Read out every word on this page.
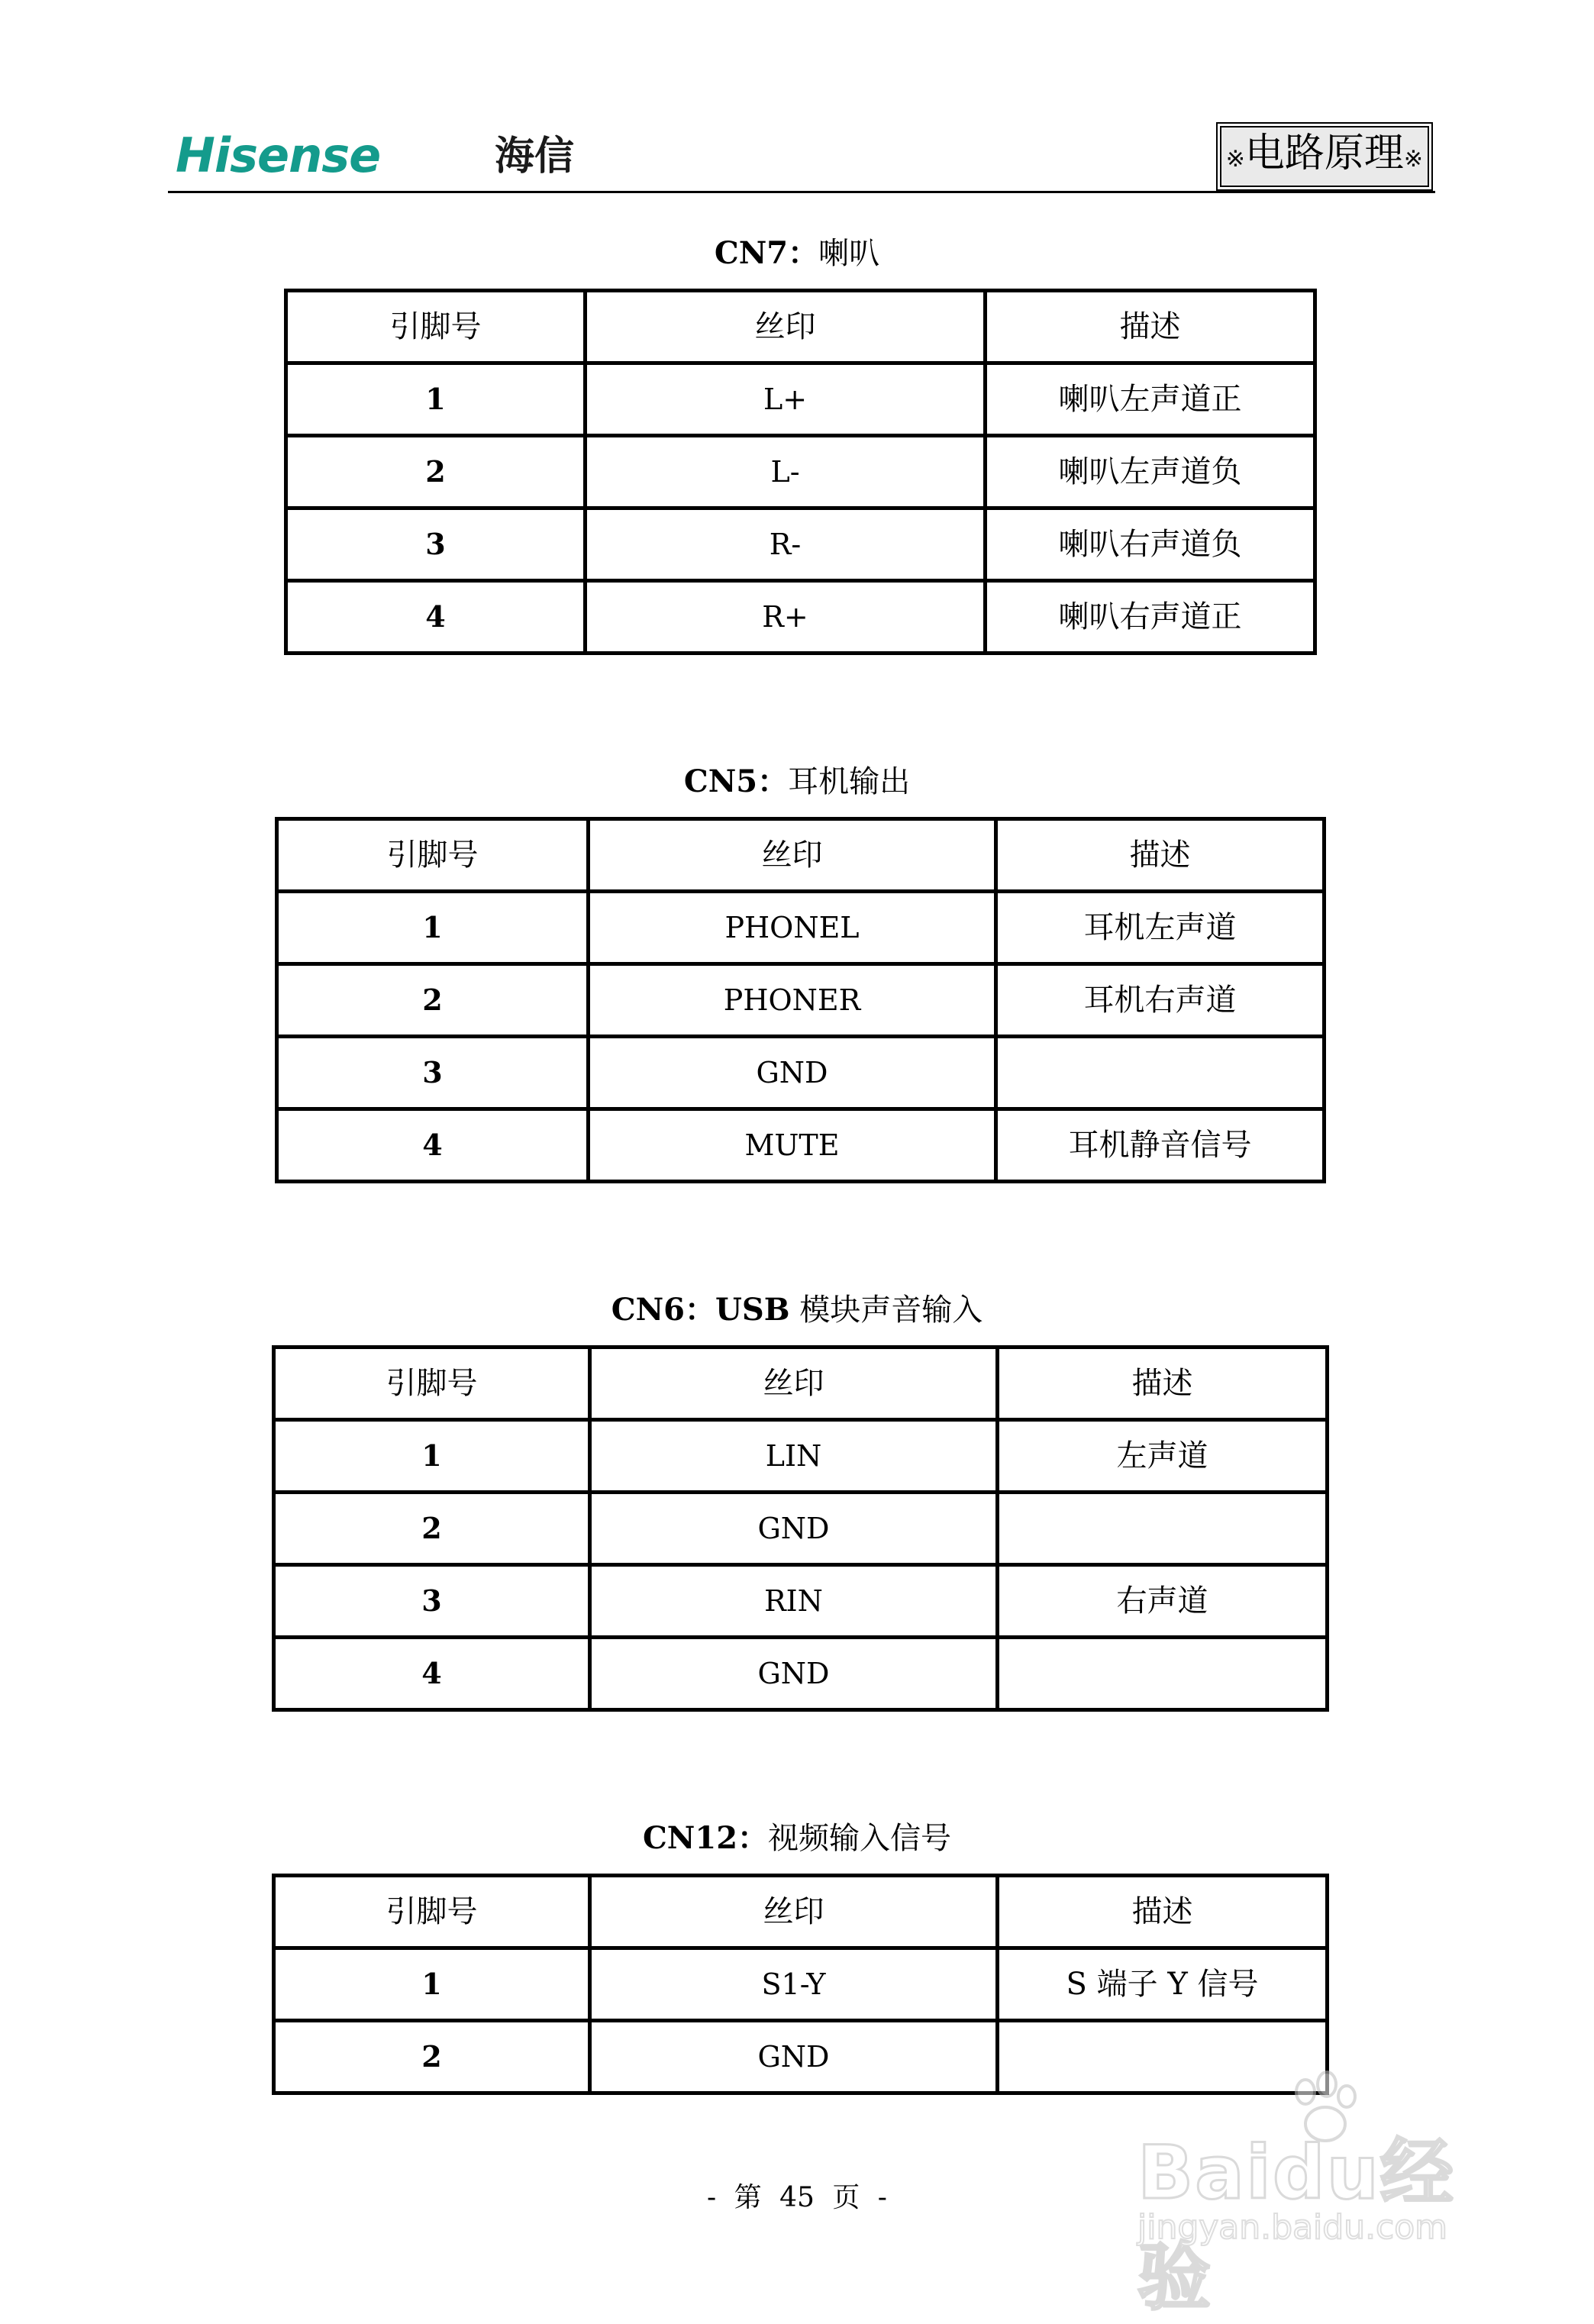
Hisense	海信	※电路原理※
CN7：喇叭
引脚号	丝印	描述
1	L+	喇叭左声道正
2	L-	喇叭左声道负
3	R-	喇叭右声道负
4	R+	喇叭右声道正
CN5：耳机输出
引脚号	丝印	描述
1	PHONEL	耳机左声道
2	PHONER	耳机右声道
3	GND	
4	MUTE	耳机静音信号
CN6：USB 模块声音输入
引脚号	丝印	描述
1	LIN	左声道
2	GND	
3	RIN	右声道
4	GND	
CN12：视频输入信号
引脚号	丝印	描述
1	S1-Y	S 端子 Y 信号
2	GND	
- 第 45 页 -	Baidu经验
jingyan.baidu.com
